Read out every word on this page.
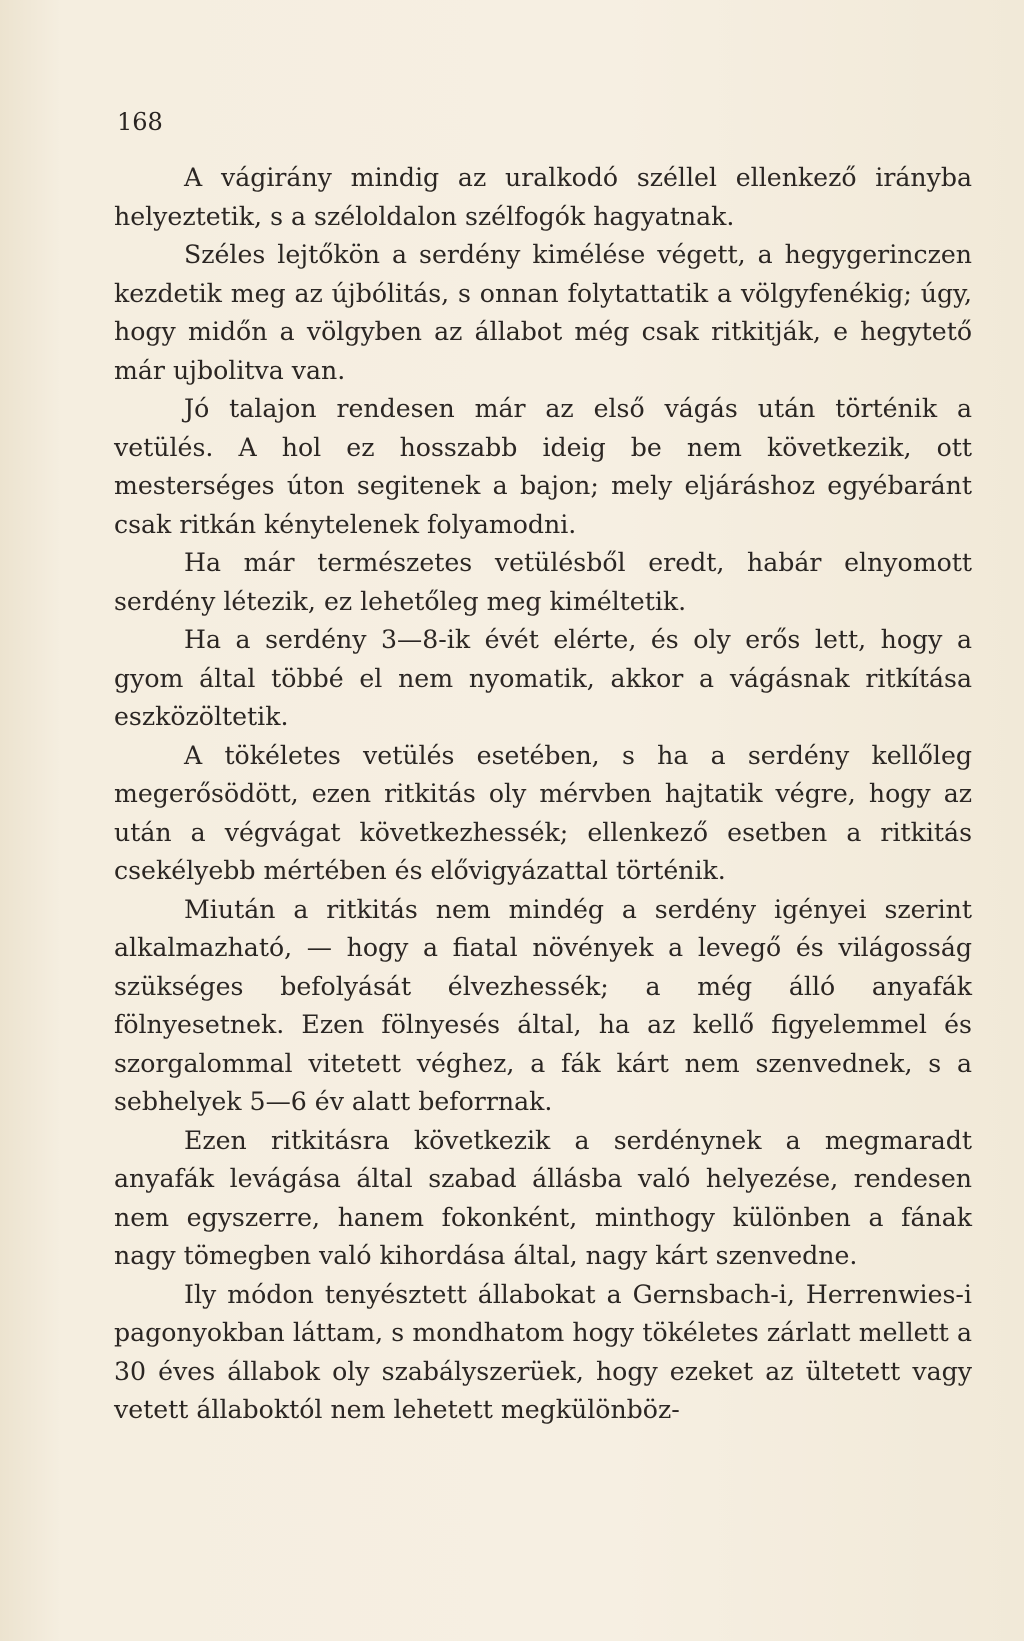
168

A vágirány mindig az uralkodó széllel ellenkező irányba helyeztetik, s a széloldalon szélfogók hagyatnak.

Széles lejtőkön a serdény kimélése végett, a hegygerinczen kezdetik meg az újbólitás, s onnan folytattatik a völgyfenékig; úgy, hogy midőn a völgyben az állabot még csak ritkitják, e hegytető már ujbolitva van.

Jó talajon rendesen már az első vágás után történik a vetülés. A hol ez hosszabb ideig be nem következik, ott mesterséges úton segitenek a bajon; mely eljáráshoz egyébaránt csak ritkán kénytelenek folyamodni.

Ha már természetes vetülésből eredt, habár elnyomott serdény létezik, ez lehetőleg meg kiméltetik.

Ha a serdény 3—8-ik évét elérte, és oly erős lett, hogy a gyom által többé el nem nyomatik, akkor a vágásnak ritkítása eszközöltetik.

A tökéletes vetülés esetében, s ha a serdény kellőleg megerősödött, ezen ritkitás oly mérvben hajtatik végre, hogy az után a végvágat következhessék; ellenkező esetben a ritkitás csekélyebb mértében és elővigyázattal történik.

Miután a ritkitás nem mindég a serdény igényei szerint alkalmazható, — hogy a fiatal növények a levegő és világosság szükséges befolyását élvezhessék; a még álló anyafák fölnyesetnek. Ezen fölnyesés által, ha az kellő figyelemmel és szorgalommal vitetett véghez, a fák kárt nem szenvednek, s a sebhelyek 5—6 év alatt beforrnak.

Ezen ritkitásra következik a serdénynek a megmaradt anyafák levágása által szabad állásba való helyezése, rendesen nem egyszerre, hanem fokonként, minthogy különben a fának nagy tömegben való kihordása által, nagy kárt szenvedne.

Ily módon tenyésztett állabokat a Gernsbach-i, Herrenwies-i pagonyokban láttam, s mondhatom hogy tökéletes zárlatt mellett a 30 éves állabok oly szabályszerüek, hogy ezeket az ültetett vagy vetett állaboktól nem lehetett megkülönböz-
